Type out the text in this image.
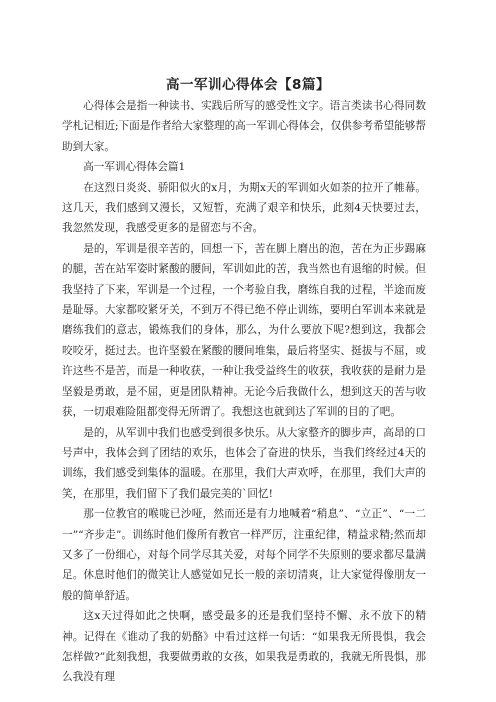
高一军训心得体会【8篇】

心得体会是指一种读书、实践后所写的感受性文字。语言类读书心得同数学札记相近;下面是作者给大家整理的高一军训心得体会，仅供参考希望能够帮助到大家。

高一军训心得体会篇1

在这烈日炎炎、骄阳似火的x月，为期x天的军训如火如荼的拉开了帷幕。这几天，我们感到又漫长，又短暂，充满了艰辛和快乐，此刻4天快要过去，我忽然发现，我感受更多的是留恋与不舍。

是的，军训是很辛苦的，回想一下，苦在脚上磨出的泡，苦在为正步踢麻的腿，苦在站军姿时紧酸的腰间，军训如此的苦，我当然也有退缩的时候。但我坚持了下来，军训是一个过程，一个考验自我，磨练自我的过程，半途而废是耻辱。大家都咬紧牙关，不到万不得已绝不停止训练，要明白军训本来就是磨练我们的意志，锻炼我们的身体，那么，为什么要放下呢?想到这，我都会咬咬牙，挺过去。也许坚毅在紧酸的腰间堆集，最后将坚实、挺拔与不屈，或许这些不是苦，而是一种收获，一种让我受益终生的收获，我收获的是耐力是坚毅是勇敢，是不屈，更是团队精神。无论今后我做什么，想到这天的苦与收获，一切艰难险阻都变得无所谓了。我想这也就到达了军训的目的了吧。

是的，从军训中我们也感受到很多快乐。从大家整齐的脚步声，高昂的口号声中，我体会到了团结的欢乐，也体会了奋进的快乐，当我们终经过4天的训练，我们感受到集体的温暖。在那里，我们大声欢呼，在那里，我们大声的笑，在那里，我们留下了我们最完美的`回忆!

那一位教官的喉咙已沙哑，然而还是有力地喊着“稍息”、“立正”、“一二一”“齐步走”。训练时他们像所有教官一样严厉，注重纪律，精益求精;然而却又多了一份细心，对每个同学尽其关爱，对每个同学不失原则的要求都尽量满足。休息时他们的微笑让人感觉如兄长一般的亲切清爽，让大家觉得像朋友一般的简单舒适。

这x天过得如此之快啊，感受最多的还是我们坚持不懈、永不放下的精神。记得在《谁动了我的奶酪》中看过这样一句话：“如果我无所畏惧，我会怎样做?”此刻我想，我要做勇敢的女孩，如果我是勇敢的，我就无所畏惧，那么我没有理
